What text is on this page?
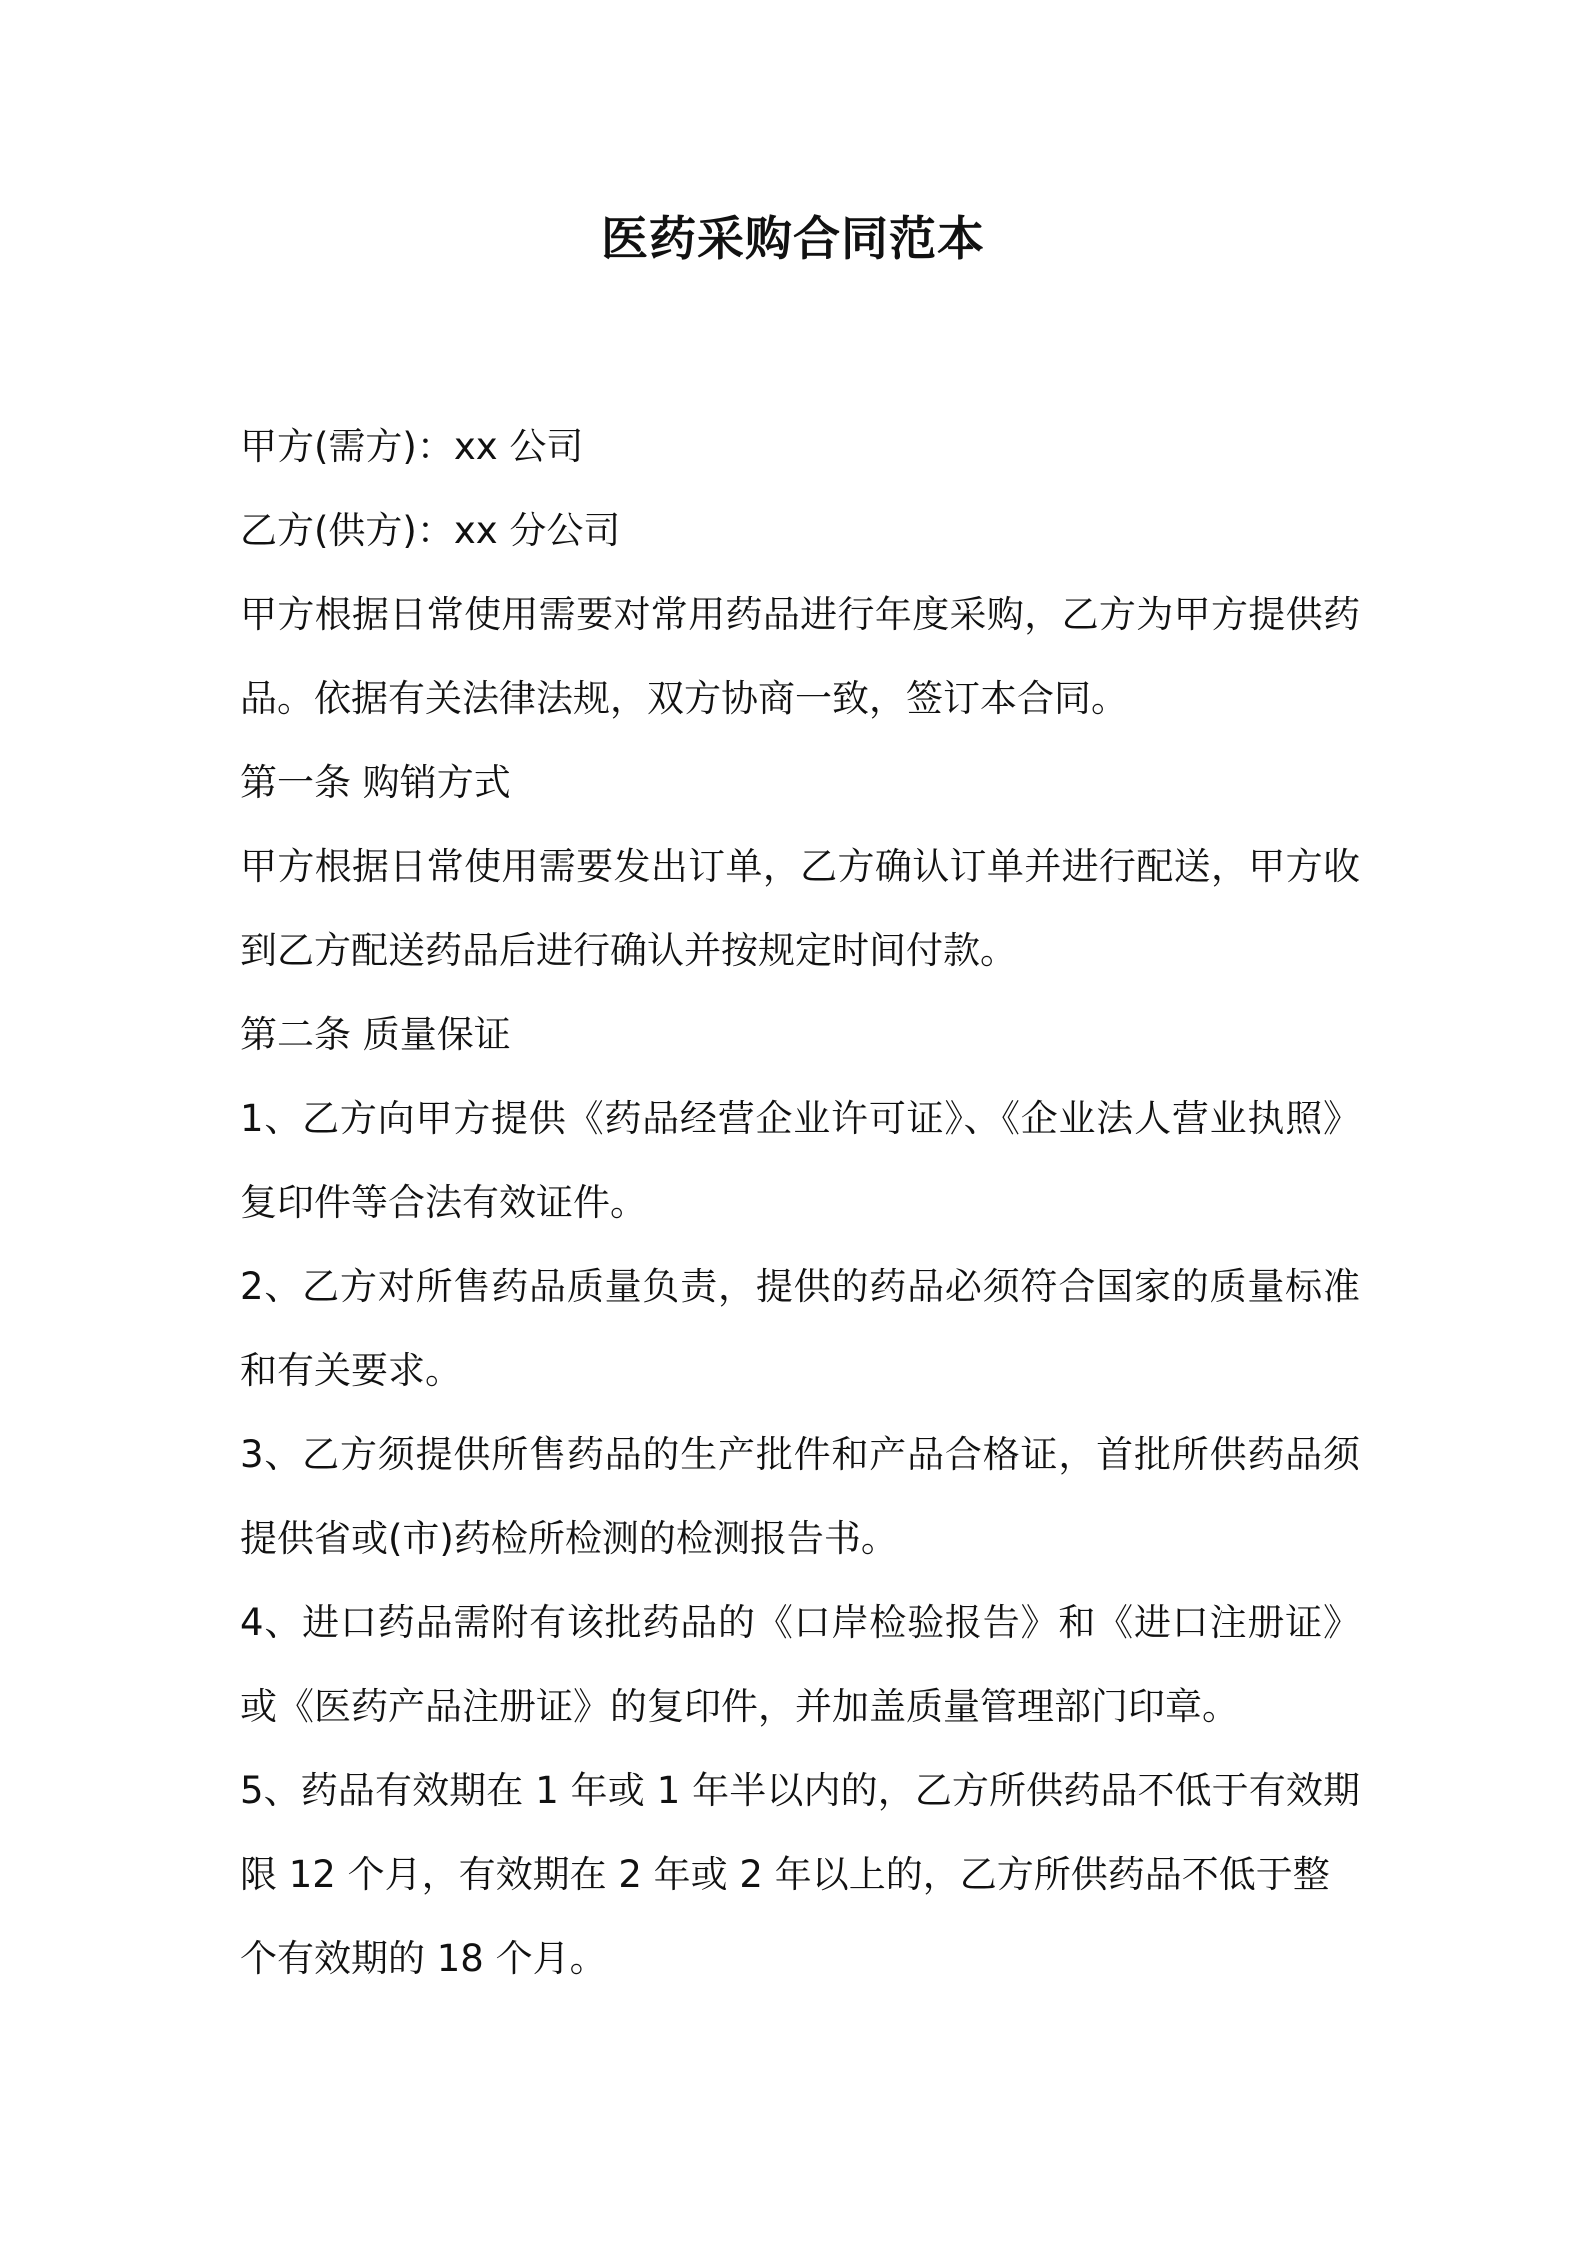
医药采购合同范本

甲方(需方)：xx 公司

乙方(供方)：xx 分公司

甲方根据日常使用需要对常用药品进行年度采购，乙方为甲方提供药

品。依据有关法律法规，双方协商一致，签订本合同。

第一条 购销方式

甲方根据日常使用需要发出订单，乙方确认订单并进行配送，甲方收

到乙方配送药品后进行确认并按规定时间付款。

第二条 质量保证

1、乙方向甲方提供《药品经营企业许可证》、《企业法人营业执照》

复印件等合法有效证件。

2、乙方对所售药品质量负责，提供的药品必须符合国家的质量标准

和有关要求。

3、乙方须提供所售药品的生产批件和产品合格证，首批所供药品须

提供省或(市)药检所检测的检测报告书。

4、进口药品需附有该批药品的《口岸检验报告》和《进口注册证》

或《医药产品注册证》的复印件，并加盖质量管理部门印章。

5、药品有效期在 1 年或 1 年半以内的，乙方所供药品不低于有效期

限 12 个月，有效期在 2 年或 2 年以上的，乙方所供药品不低于整

个有效期的 18 个月。
